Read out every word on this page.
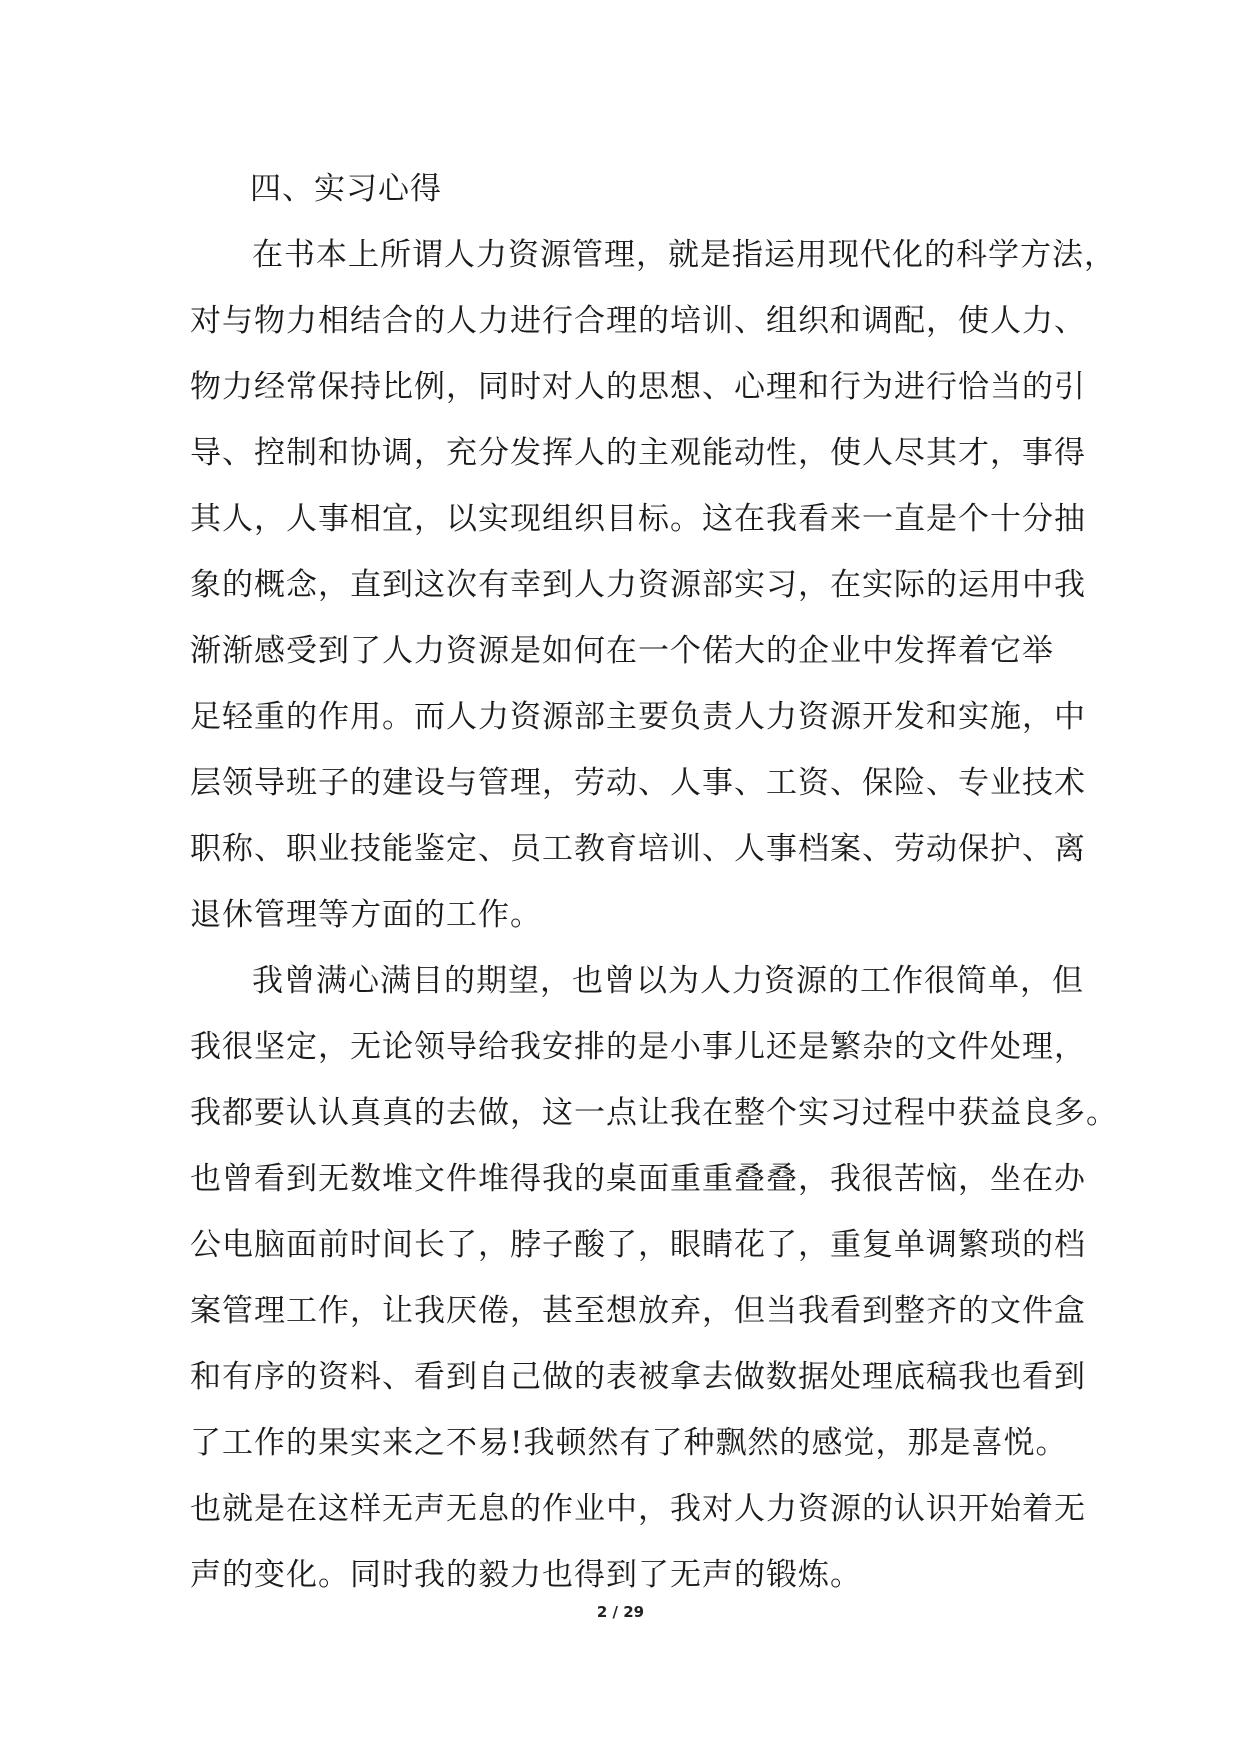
四、实习心得
在书本上所谓人力资源管理，就是指运用现代化的科学方法，
对与物力相结合的人力进行合理的培训、组织和调配，使人力、
物力经常保持比例，同时对人的思想、心理和行为进行恰当的引
导、控制和协调，充分发挥人的主观能动性，使人尽其才，事得
其人，人事相宜，以实现组织目标。这在我看来一直是个十分抽
象的概念，直到这次有幸到人力资源部实习，在实际的运用中我
渐渐感受到了人力资源是如何在一个偌大的企业中发挥着它举
足轻重的作用。而人力资源部主要负责人力资源开发和实施，中
层领导班子的建设与管理，劳动、人事、工资、保险、专业技术
职称、职业技能鉴定、员工教育培训、人事档案、劳动保护、离
退休管理等方面的工作。
我曾满心满目的期望，也曾以为人力资源的工作很简单，但
我很坚定，无论领导给我安排的是小事儿还是繁杂的文件处理，
我都要认认真真的去做，这一点让我在整个实习过程中获益良多。
也曾看到无数堆文件堆得我的桌面重重叠叠，我很苦恼，坐在办
公电脑面前时间长了，脖子酸了，眼睛花了，重复单调繁琐的档
案管理工作，让我厌倦，甚至想放弃，但当我看到整齐的文件盒
和有序的资料、看到自己做的表被拿去做数据处理底稿我也看到
了工作的果实来之不易!我顿然有了种飘然的感觉，那是喜悦。
也就是在这样无声无息的作业中，我对人力资源的认识开始着无
声的变化。同时我的毅力也得到了无声的锻炼。
2 / 29
